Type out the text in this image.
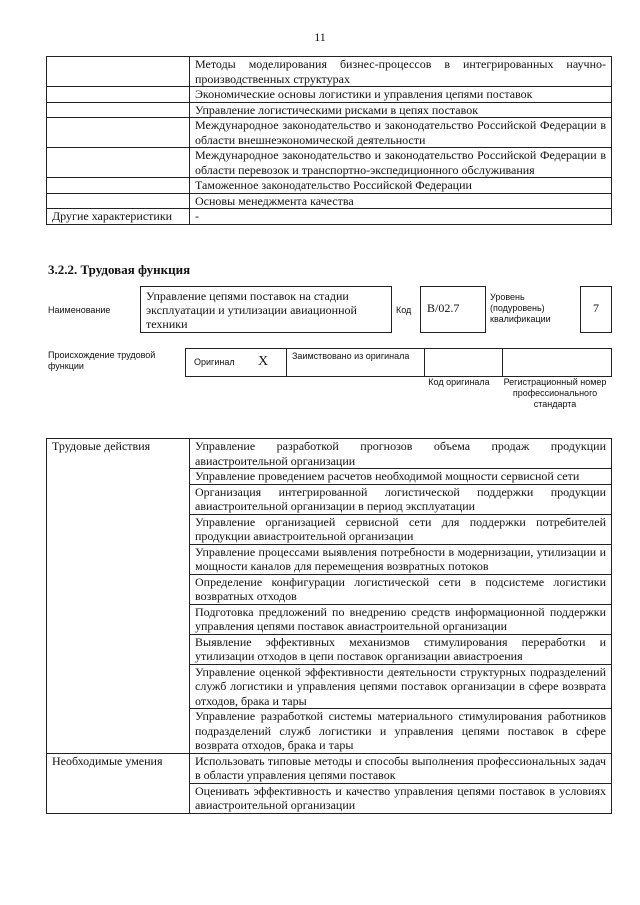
11
	Методы моделирования бизнес-процессов в интегрированных научно-производственных структурах
	Экономические основы логистики и управления цепями поставок
	Управление логистическими рисками в цепях поставок
	Международное законодательство и законодательство Российской Федерации в области внешнеэкономической деятельности
	Международное законодательство и законодательство Российской Федерации в области перевозок и транспортно-экспедиционного обслуживания
	Таможенное законодательство Российской Федерации
	Основы менеджмента качества
Другие характеристики	-
3.2.2. Трудовая функция
Наименование
Управление цепями поставок на стадии эксплуатации и утилизации авиационной техники
Код	B/02.7
Уровень (подуровень) квалификации
7
Происхождение трудовой функции	Оригинал X	Заимствовано из оригинала
Код оригинала	Регистрационный номер профессионального стандарта
Трудовые действия	Управление разработкой прогнозов объема продаж продукции авиастроительной организации
	Управление проведением расчетов необходимой мощности сервисной сети
	Организация интегрированной логистической поддержки продукции авиастроительной организации в период эксплуатации
	Управление организацией сервисной сети для поддержки потребителей продукции авиастроительной организации
	Управление процессами выявления потребности в модернизации, утилизации и мощности каналов для перемещения возвратных потоков
	Определение конфигурации логистической сети в подсистеме логистики возвратных отходов
	Подготовка предложений по внедрению средств информационной поддержки управления цепями поставок авиастроительной организации
	Выявление эффективных механизмов стимулирования переработки и утилизации отходов в цепи поставок организации авиастроения
	Управление оценкой эффективности деятельности структурных подразделений служб логистики и управления цепями поставок организации в сфере возврата отходов, брака и тары
	Управление разработкой системы материального стимулирования работников подразделений служб логистики и управления цепями поставок в сфере возврата отходов, брака и тары
Необходимые умения	Использовать типовые методы и способы выполнения профессиональных задач в области управления цепями поставок
	Оценивать эффективность и качество управления цепями поставок в условиях авиастроительной организации
